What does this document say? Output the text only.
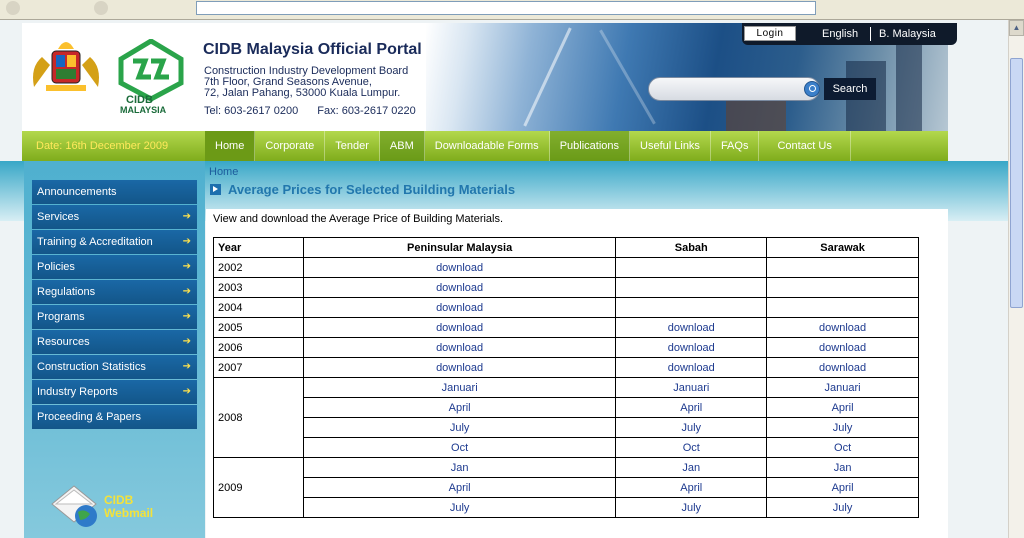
▲
CIDB
MALAYSIA
CIDB Malaysia Official Portal
Construction Industry Development Board
7th Floor, Grand Seasons Avenue,
72, Jalan Pahang, 53000 Kuala Lumpur.
Tel: 603-2617 0200 Fax: 603-2617 0220
Login	English B. Malaysia
Search
Date: 16th December 2009	Home	Corporate	Tender	ABM	Downloadable Forms	Publications	Useful Links	FAQs	Contact Us
Announcements
Services	➔
Training & Accreditation	➔
Policies	➔
Regulations	➔
Programs	➔
Resources	➔
Construction Statistics	➔
Industry Reports	➔
Proceeding & Papers
CIDB
Webmail
Home
Average Prices for Selected Building Materials
View and download the Average Price of Building Materials.
Year	Peninsular Malaysia	Sabah	Sarawak
2002	download		
2003	download		
2004	download		
2005	download	download	download
2006	download	download	download
2007	download	download	download
2008	Januari	Januari	Januari
	April	April	April
	July	July	July
	Oct	Oct	Oct
2009	Jan	Jan	Jan
	April	April	April
	July	July	July
